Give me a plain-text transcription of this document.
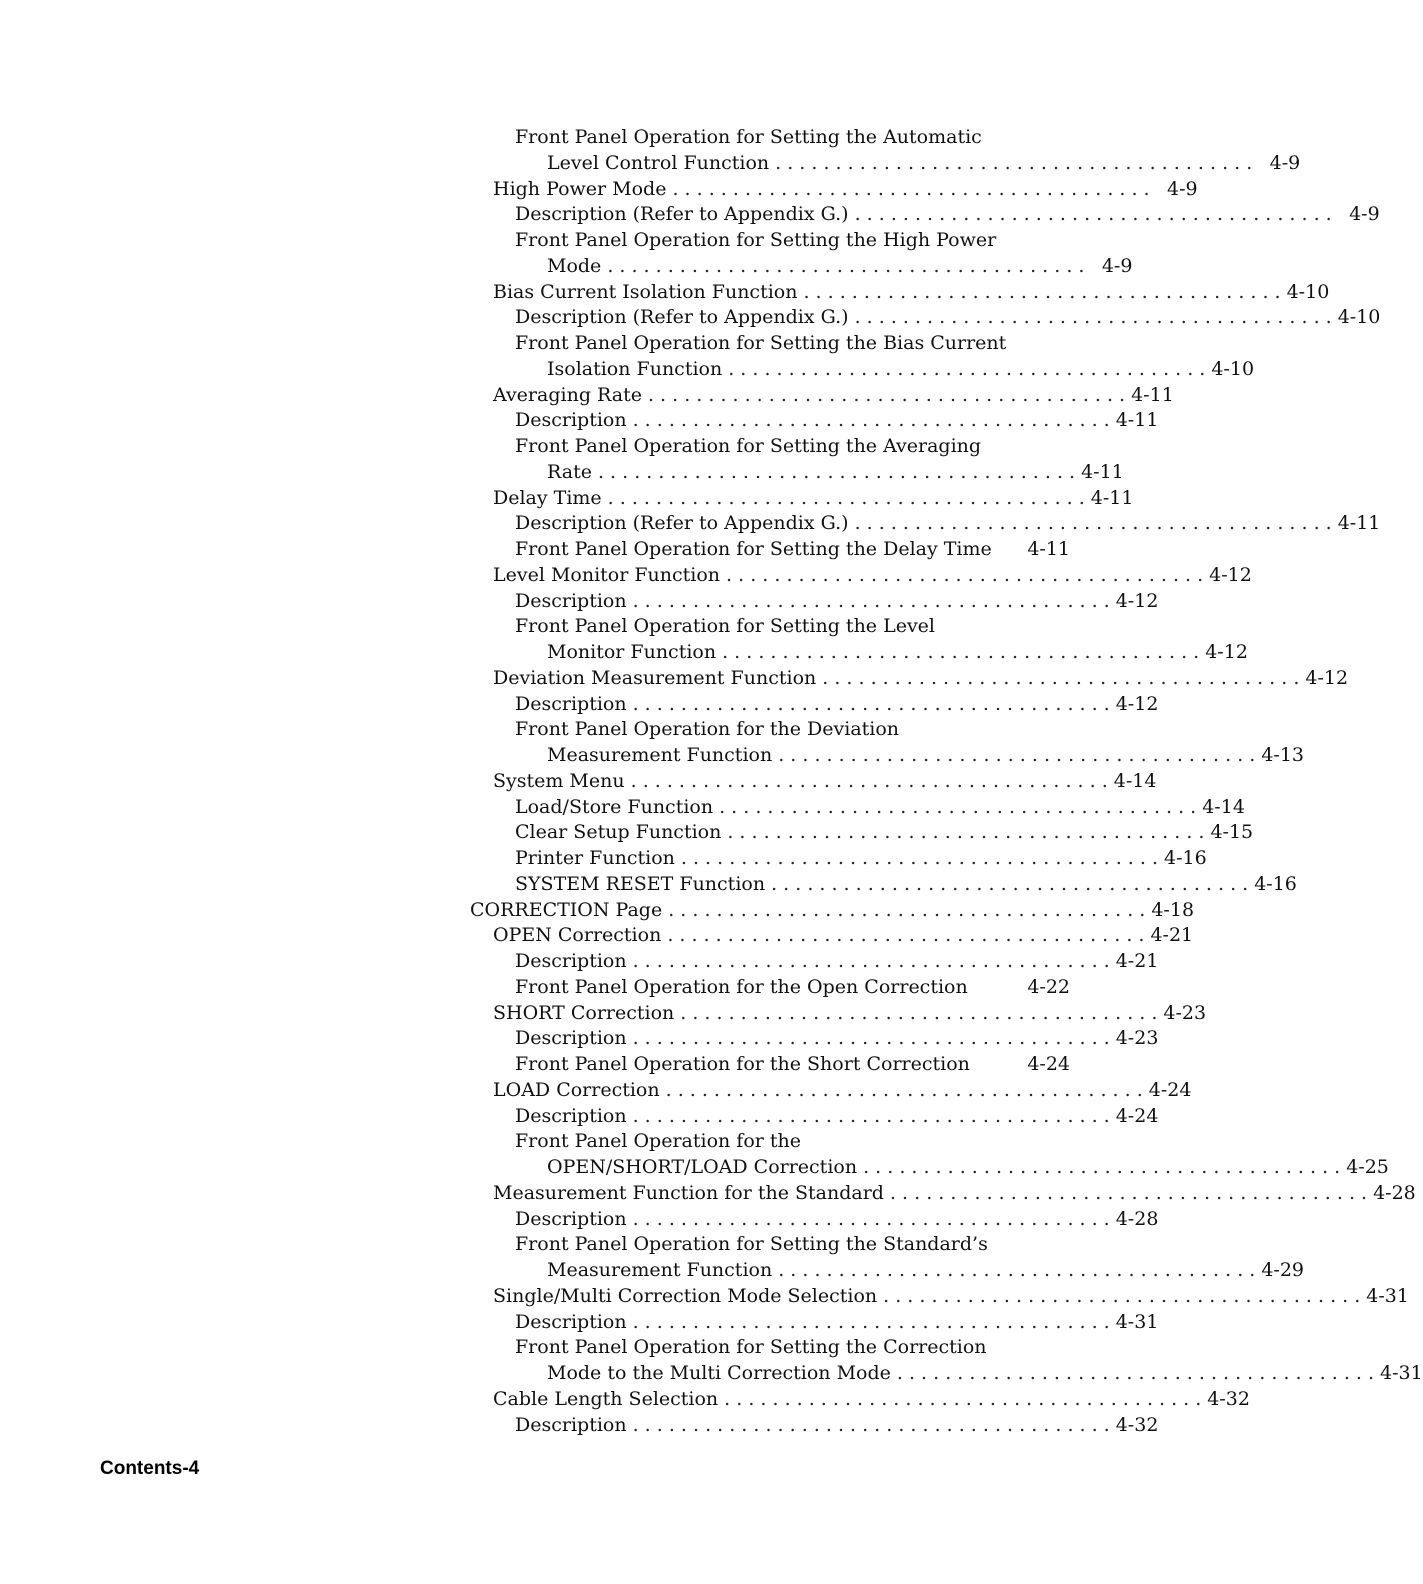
Front Panel Operation for Setting the Automatic
Level Control Function . . . . . . . . . . . . . . . . . . . . . . . . . . . . . . . . . . . . . . . . 4-9
High Power Mode . . . . . . . . . . . . . . . . . . . . . . . . . . . . . . . . . . . . . . . . 4-9
Description (Refer to Appendix G.) . . . . . . . . . . . . . . . . . . . . . . . . . . . . . . . . . . . . . . . . 4-9
Front Panel Operation for Setting the High Power
Mode . . . . . . . . . . . . . . . . . . . . . . . . . . . . . . . . . . . . . . . . 4-9
Bias Current Isolation Function . . . . . . . . . . . . . . . . . . . . . . . . . . . . . . . . . . . . . . . . 4-10
Description (Refer to Appendix G.) . . . . . . . . . . . . . . . . . . . . . . . . . . . . . . . . . . . . . . . . 4-10
Front Panel Operation for Setting the Bias Current
Isolation Function . . . . . . . . . . . . . . . . . . . . . . . . . . . . . . . . . . . . . . . . 4-10
Averaging Rate . . . . . . . . . . . . . . . . . . . . . . . . . . . . . . . . . . . . . . . . 4-11
Description . . . . . . . . . . . . . . . . . . . . . . . . . . . . . . . . . . . . . . . . 4-11
Front Panel Operation for Setting the Averaging
Rate . . . . . . . . . . . . . . . . . . . . . . . . . . . . . . . . . . . . . . . . 4-11
Delay Time . . . . . . . . . . . . . . . . . . . . . . . . . . . . . . . . . . . . . . . . 4-11
Description (Refer to Appendix G.) . . . . . . . . . . . . . . . . . . . . . . . . . . . . . . . . . . . . . . . . 4-11
Front Panel Operation for Setting the Delay Time 4-11
Level Monitor Function . . . . . . . . . . . . . . . . . . . . . . . . . . . . . . . . . . . . . . . . 4-12
Description . . . . . . . . . . . . . . . . . . . . . . . . . . . . . . . . . . . . . . . . 4-12
Front Panel Operation for Setting the Level
Monitor Function . . . . . . . . . . . . . . . . . . . . . . . . . . . . . . . . . . . . . . . . 4-12
Deviation Measurement Function . . . . . . . . . . . . . . . . . . . . . . . . . . . . . . . . . . . . . . . . 4-12
Description . . . . . . . . . . . . . . . . . . . . . . . . . . . . . . . . . . . . . . . . 4-12
Front Panel Operation for the Deviation
Measurement Function . . . . . . . . . . . . . . . . . . . . . . . . . . . . . . . . . . . . . . . . 4-13
System Menu . . . . . . . . . . . . . . . . . . . . . . . . . . . . . . . . . . . . . . . . 4-14
Load/Store Function . . . . . . . . . . . . . . . . . . . . . . . . . . . . . . . . . . . . . . . . 4-14
Clear Setup Function . . . . . . . . . . . . . . . . . . . . . . . . . . . . . . . . . . . . . . . . 4-15
Printer Function . . . . . . . . . . . . . . . . . . . . . . . . . . . . . . . . . . . . . . . . 4-16
SYSTEM RESET Function . . . . . . . . . . . . . . . . . . . . . . . . . . . . . . . . . . . . . . . . 4-16
CORRECTION Page . . . . . . . . . . . . . . . . . . . . . . . . . . . . . . . . . . . . . . . . 4-18
OPEN Correction . . . . . . . . . . . . . . . . . . . . . . . . . . . . . . . . . . . . . . . . 4-21
Description . . . . . . . . . . . . . . . . . . . . . . . . . . . . . . . . . . . . . . . . 4-21
Front Panel Operation for the Open Correction	4-22
SHORT Correction . . . . . . . . . . . . . . . . . . . . . . . . . . . . . . . . . . . . . . . . 4-23
Description . . . . . . . . . . . . . . . . . . . . . . . . . . . . . . . . . . . . . . . . 4-23
Front Panel Operation for the Short Correction	4-24
LOAD Correction . . . . . . . . . . . . . . . . . . . . . . . . . . . . . . . . . . . . . . . . 4-24
Description . . . . . . . . . . . . . . . . . . . . . . . . . . . . . . . . . . . . . . . . 4-24
Front Panel Operation for the
OPEN/SHORT/LOAD Correction . . . . . . . . . . . . . . . . . . . . . . . . . . . . . . . . . . . . . . . . 4-25
Measurement Function for the Standard . . . . . . . . . . . . . . . . . . . . . . . . . . . . . . . . . . . . . . . . 4-28
Description . . . . . . . . . . . . . . . . . . . . . . . . . . . . . . . . . . . . . . . . 4-28
Front Panel Operation for Setting the Standard’s
Measurement Function . . . . . . . . . . . . . . . . . . . . . . . . . . . . . . . . . . . . . . . . 4-29
Single/Multi Correction Mode Selection . . . . . . . . . . . . . . . . . . . . . . . . . . . . . . . . . . . . . . . . 4-31
Description . . . . . . . . . . . . . . . . . . . . . . . . . . . . . . . . . . . . . . . . 4-31
Front Panel Operation for Setting the Correction
Mode to the Multi Correction Mode . . . . . . . . . . . . . . . . . . . . . . . . . . . . . . . . . . . . . . . . 4-31
Cable Length Selection . . . . . . . . . . . . . . . . . . . . . . . . . . . . . . . . . . . . . . . . 4-32
Description . . . . . . . . . . . . . . . . . . . . . . . . . . . . . . . . . . . . . . . . 4-32
Contents-4
